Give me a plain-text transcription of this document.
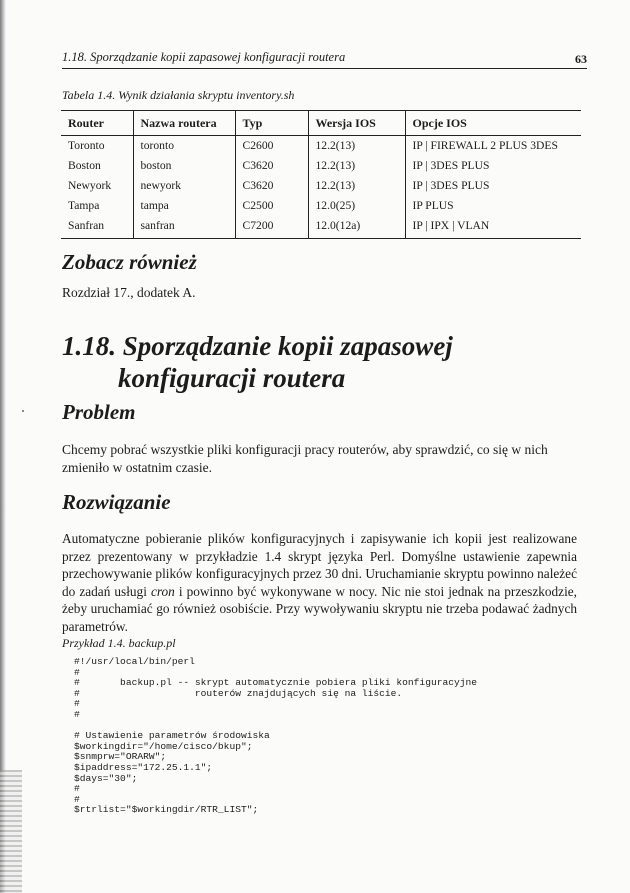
1.18. Sporządzanie kopii zapasowej konfiguracji routera	63
Tabela 1.4. Wynik działania skryptu inventory.sh
Router	Nazwa routera	Typ	Wersja IOS	Opcje IOS
Toronto	toronto	C2600	12.2(13)	IP | FIREWALL 2 PLUS 3DES
Boston	boston	C3620	12.2(13)	IP | 3DES PLUS
Newyork	newyork	C3620	12.2(13)	IP | 3DES PLUS
Tampa	tampa	C2500	12.0(25)	IP PLUS
Sanfran	sanfran	C7200	12.0(12a)	IP | IPX | VLAN
Zobacz również
Rozdział 17., dodatek A.
1.18. Sporządzanie kopii zapasowej
konfiguracji routera
Problem

Chcemy pobrać wszystkie pliki konfiguracji pracy routerów, aby sprawdzić, co się w nich zmieniło w ostatnim czasie.

Rozwiązanie

Automatyczne pobieranie plików konfiguracyjnych i zapisywanie ich kopii jest realizowane przez prezentowany w przykładzie 1.4 skrypt języka Perl. Domyślne ustawienie zapewnia przechowywanie plików konfiguracyjnych przez 30 dni. Uruchamianie skryptu powinno należeć do zadań usługi cron i powinno być wykonywane w nocy. Nic nie stoi jednak na przeszkodzie, żeby uruchamiać go również osobiście. Przy wywoływaniu skryptu nie trzeba podawać żadnych parametrów.

Przykład 1.4. backup.pl
#!/usr/local/bin/perl
#
#       backup.pl -- skrypt automatycznie pobiera pliki konfiguracyjne
#                    routerów znajdujących się na liście.
#
#
# Ustawienie parametrów środowiska
$workingdir="/home/cisco/bkup";
$snmprw="ORARW";
$ipaddress="172.25.1.1";
$days="30";
#
#
$rtrlist="$workingdir/RTR_LIST";
